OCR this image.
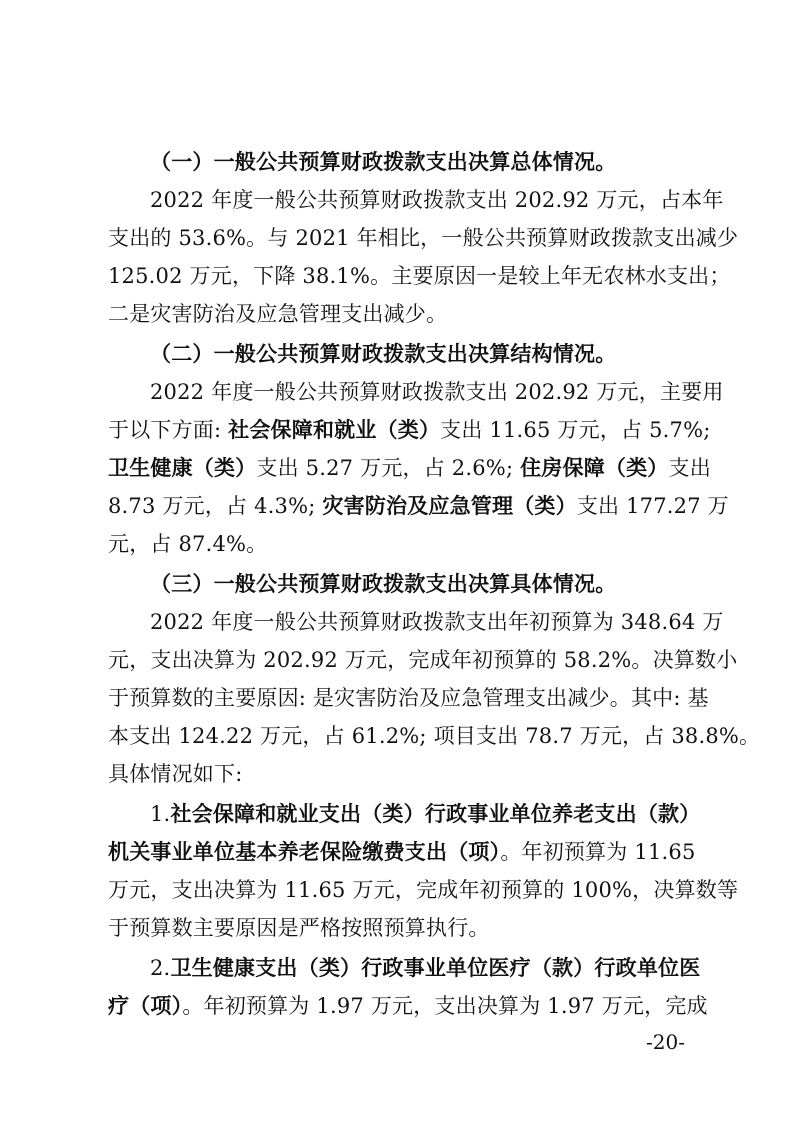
（一）一般公共预算财政拨款支出决算总体情况。
2022 年度一般公共预算财政拨款支出 202.92 万元，占本年
支出的 53.6%。与 2021 年相比，一般公共预算财政拨款支出减少
125.02 万元，下降 38.1%。主要原因一是较上年无农林水支出；
二是灾害防治及应急管理支出减少。
（二）一般公共预算财政拨款支出决算结构情况。
2022 年度一般公共预算财政拨款支出 202.92 万元，主要用
于以下方面: 社会保障和就业（类）支出 11.65 万元，占 5.7%;
卫生健康（类）支出 5.27 万元，占 2.6%; 住房保障（类）支出
8.73 万元，占 4.3%; 灾害防治及应急管理（类）支出 177.27 万
元，占 87.4%。
（三）一般公共预算财政拨款支出决算具体情况。
2022 年度一般公共预算财政拨款支出年初预算为 348.64 万
元，支出决算为 202.92 万元，完成年初预算的 58.2%。决算数小
于预算数的主要原因: 是灾害防治及应急管理支出减少。其中: 基
本支出 124.22 万元，占 61.2%; 项目支出 78.7 万元，占 38.8%。
具体情况如下:
1.社会保障和就业支出（类）行政事业单位养老支出（款）
机关事业单位基本养老保险缴费支出（项）。年初预算为 11.65
万元，支出决算为 11.65 万元，完成年初预算的 100%，决算数等
于预算数主要原因是严格按照预算执行。
2.卫生健康支出（类）行政事业单位医疗（款）行政单位医
疗（项）。年初预算为 1.97 万元，支出决算为 1.97 万元，完成
-20-
